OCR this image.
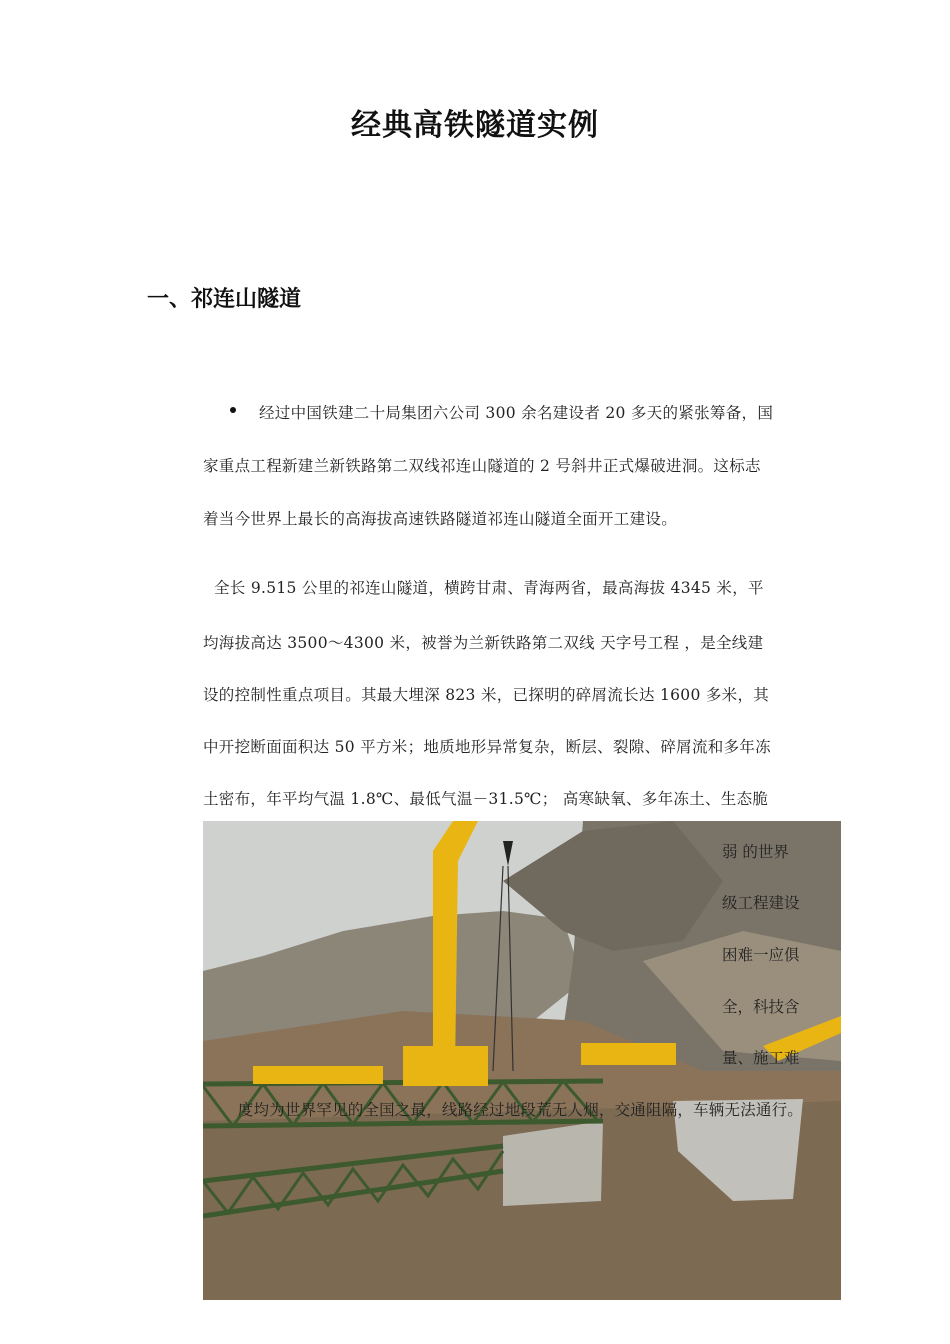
经典高铁隧道实例
一、祁连山隧道
经过中国铁建二十局集团六公司 300 余名建设者 20 多天的紧张筹备，国
家重点工程新建兰新铁路第二双线祁连山隧道的 2 号斜井正式爆破进洞。这标志
着当今世界上最长的高海拔高速铁路隧道祁连山隧道全面开工建设。
全长 9.515 公里的祁连山隧道，横跨甘肃、青海两省，最高海拔 4345 米，平
均海拔高达 3500～4300 米，被誉为兰新铁路第二双线 天字号工程 ，是全线建
设的控制性重点项目。其最大埋深 823 米，已探明的碎屑流长达 1600 多米，其
中开挖断面面积达 50 平方米；地质地形异常复杂，断层、裂隙、碎屑流和多年冻
土密布，年平均气温 1.8℃、最低气温－31.5℃； 高寒缺氧、多年冻土、生态脆
弱 的世界
级工程建设
困难一应俱
全，科技含
量、施工难
度均为世界罕见的全国之最，线路经过地段荒无人烟，交通阻隔，车辆无法通行。
